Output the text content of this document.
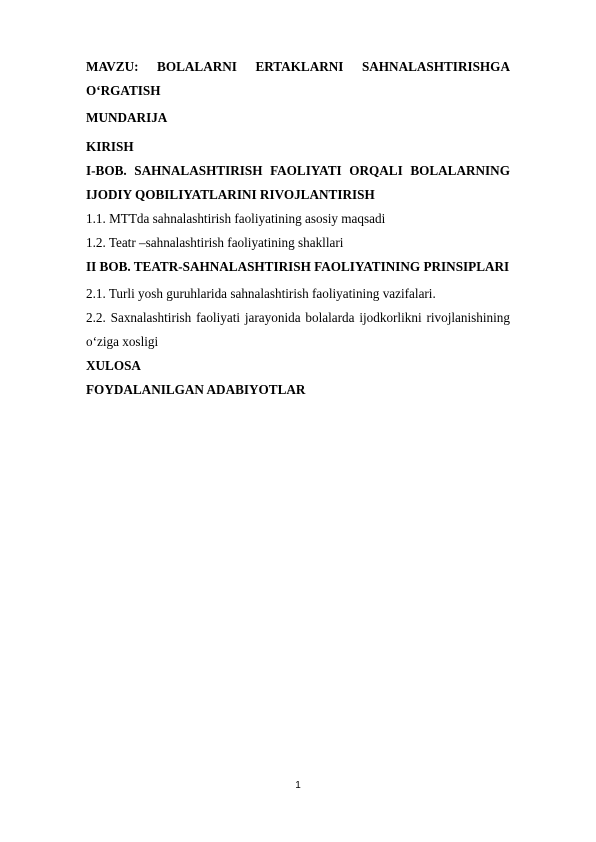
MAVZU: BOLALARNI ERTAKLARNI SAHNALASHTIRISHGA

O‘RGATISH

MUNDARIJA

KIRISH

I-BOB. SAHNALASHTIRISH FAOLIYATI ORQALI BOLALARNING

IJODIY QOBILIYATLARINI RIVOJLANTIRISH

1.1. MTTda sahnalashtirish faoliyatining asosiy maqsadi

1.2. Teatr –sahnalashtirish faoliyatining shakllari

II BOB. TEATR-SAHNALASHTIRISH FAOLIYATINING PRINSIPLARI

2.1. Turli yosh guruhlarida sahnalashtirish faoliyatining vazifalari.

2.2. Saxnalashtirish faoliyati jarayonida bolalarda ijodkorlikni rivojlanishining o‘ziga xosligi

XULOSA

FOYDALANILGAN ADABIYOTLAR

1
